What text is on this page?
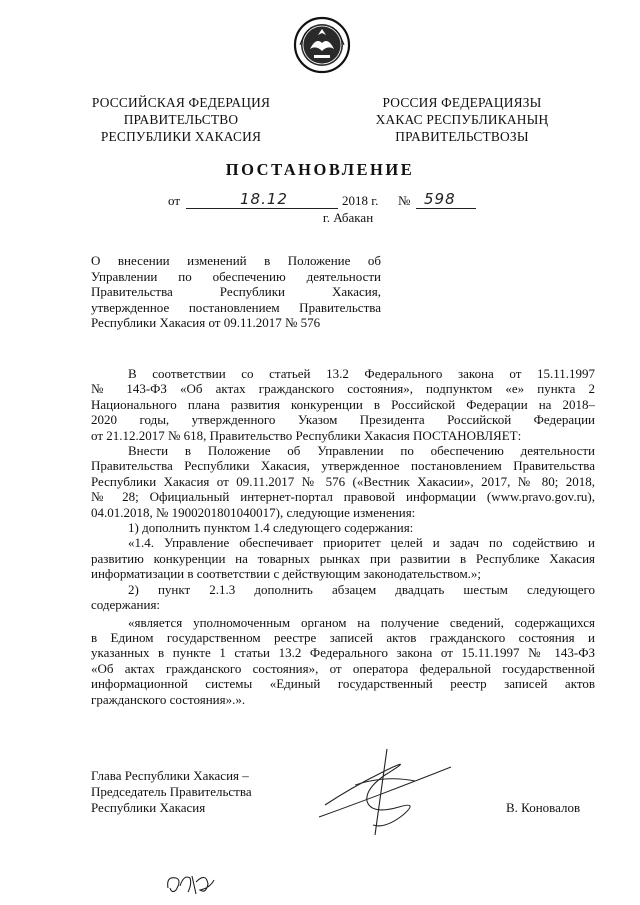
РОССИЙСКАЯ ФЕДЕРАЦИЯ
ПРАВИТЕЛЬСТВО
РЕСПУБЛИКИ ХАКАСИЯ
РОССИЯ ФЕДЕРАЦИЯЗЫ
ХАКАС РЕСПУБЛИКАНЫҢ
ПРАВИТЕЛЬСТВОЗЫ
ПОСТАНОВЛЕНИЕ
от	18.12	2018 г. № 598
г. Абакан
О внесении изменений в Положение об
Управлении по обеспечению деятельности
Правительства Республики Хакасия,
утвержденное постановлением Правительства
Республики Хакасия от 09.11.2017 № 576
В соответствии со статьей 13.2 Федерального закона от 15.11.1997
№ 143-ФЗ «Об актах гражданского состояния», подпунктом «е» пункта 2
Национального плана развития конкуренции в Российской Федерации на 2018–
2020 годы, утвержденного Указом Президента Российской Федерации
от 21.12.2017 № 618, Правительство Республики Хакасия ПОСТАНОВЛЯЕТ:
Внести в Положение об Управлении по обеспечению деятельности
Правительства Республики Хакасия, утвержденное постановлением Правительства
Республики Хакасия от 09.11.2017 № 576 («Вестник Хакасии», 2017, № 80; 2018,
№ 28; Официальный интернет-портал правовой информации (www.pravo.gov.ru),
04.01.2018, № 1900201801040017), следующие изменения:
1) дополнить пунктом 1.4 следующего содержания:
«1.4. Управление обеспечивает приоритет целей и задач по содействию и
развитию конкуренции на товарных рынках при развитии в Республике Хакасия
информатизации в соответствии с действующим законодательством.»;
2) пункт 2.1.3 дополнить абзацем двадцать шестым следующего
содержания:
«является уполномоченным органом на получение сведений, содержащихся
в Едином государственном реестре записей актов гражданского состояния и
указанных в пункте 1 статьи 13.2 Федерального закона от 15.11.1997 № 143-ФЗ
«Об актах гражданского состояния», от оператора федеральной государственной
информационной системы «Единый государственный реестр записей актов
гражданского состояния».».
Глава Республики Хакасия –
Председатель Правительства
Республики Хакасия	В. Коновалов
